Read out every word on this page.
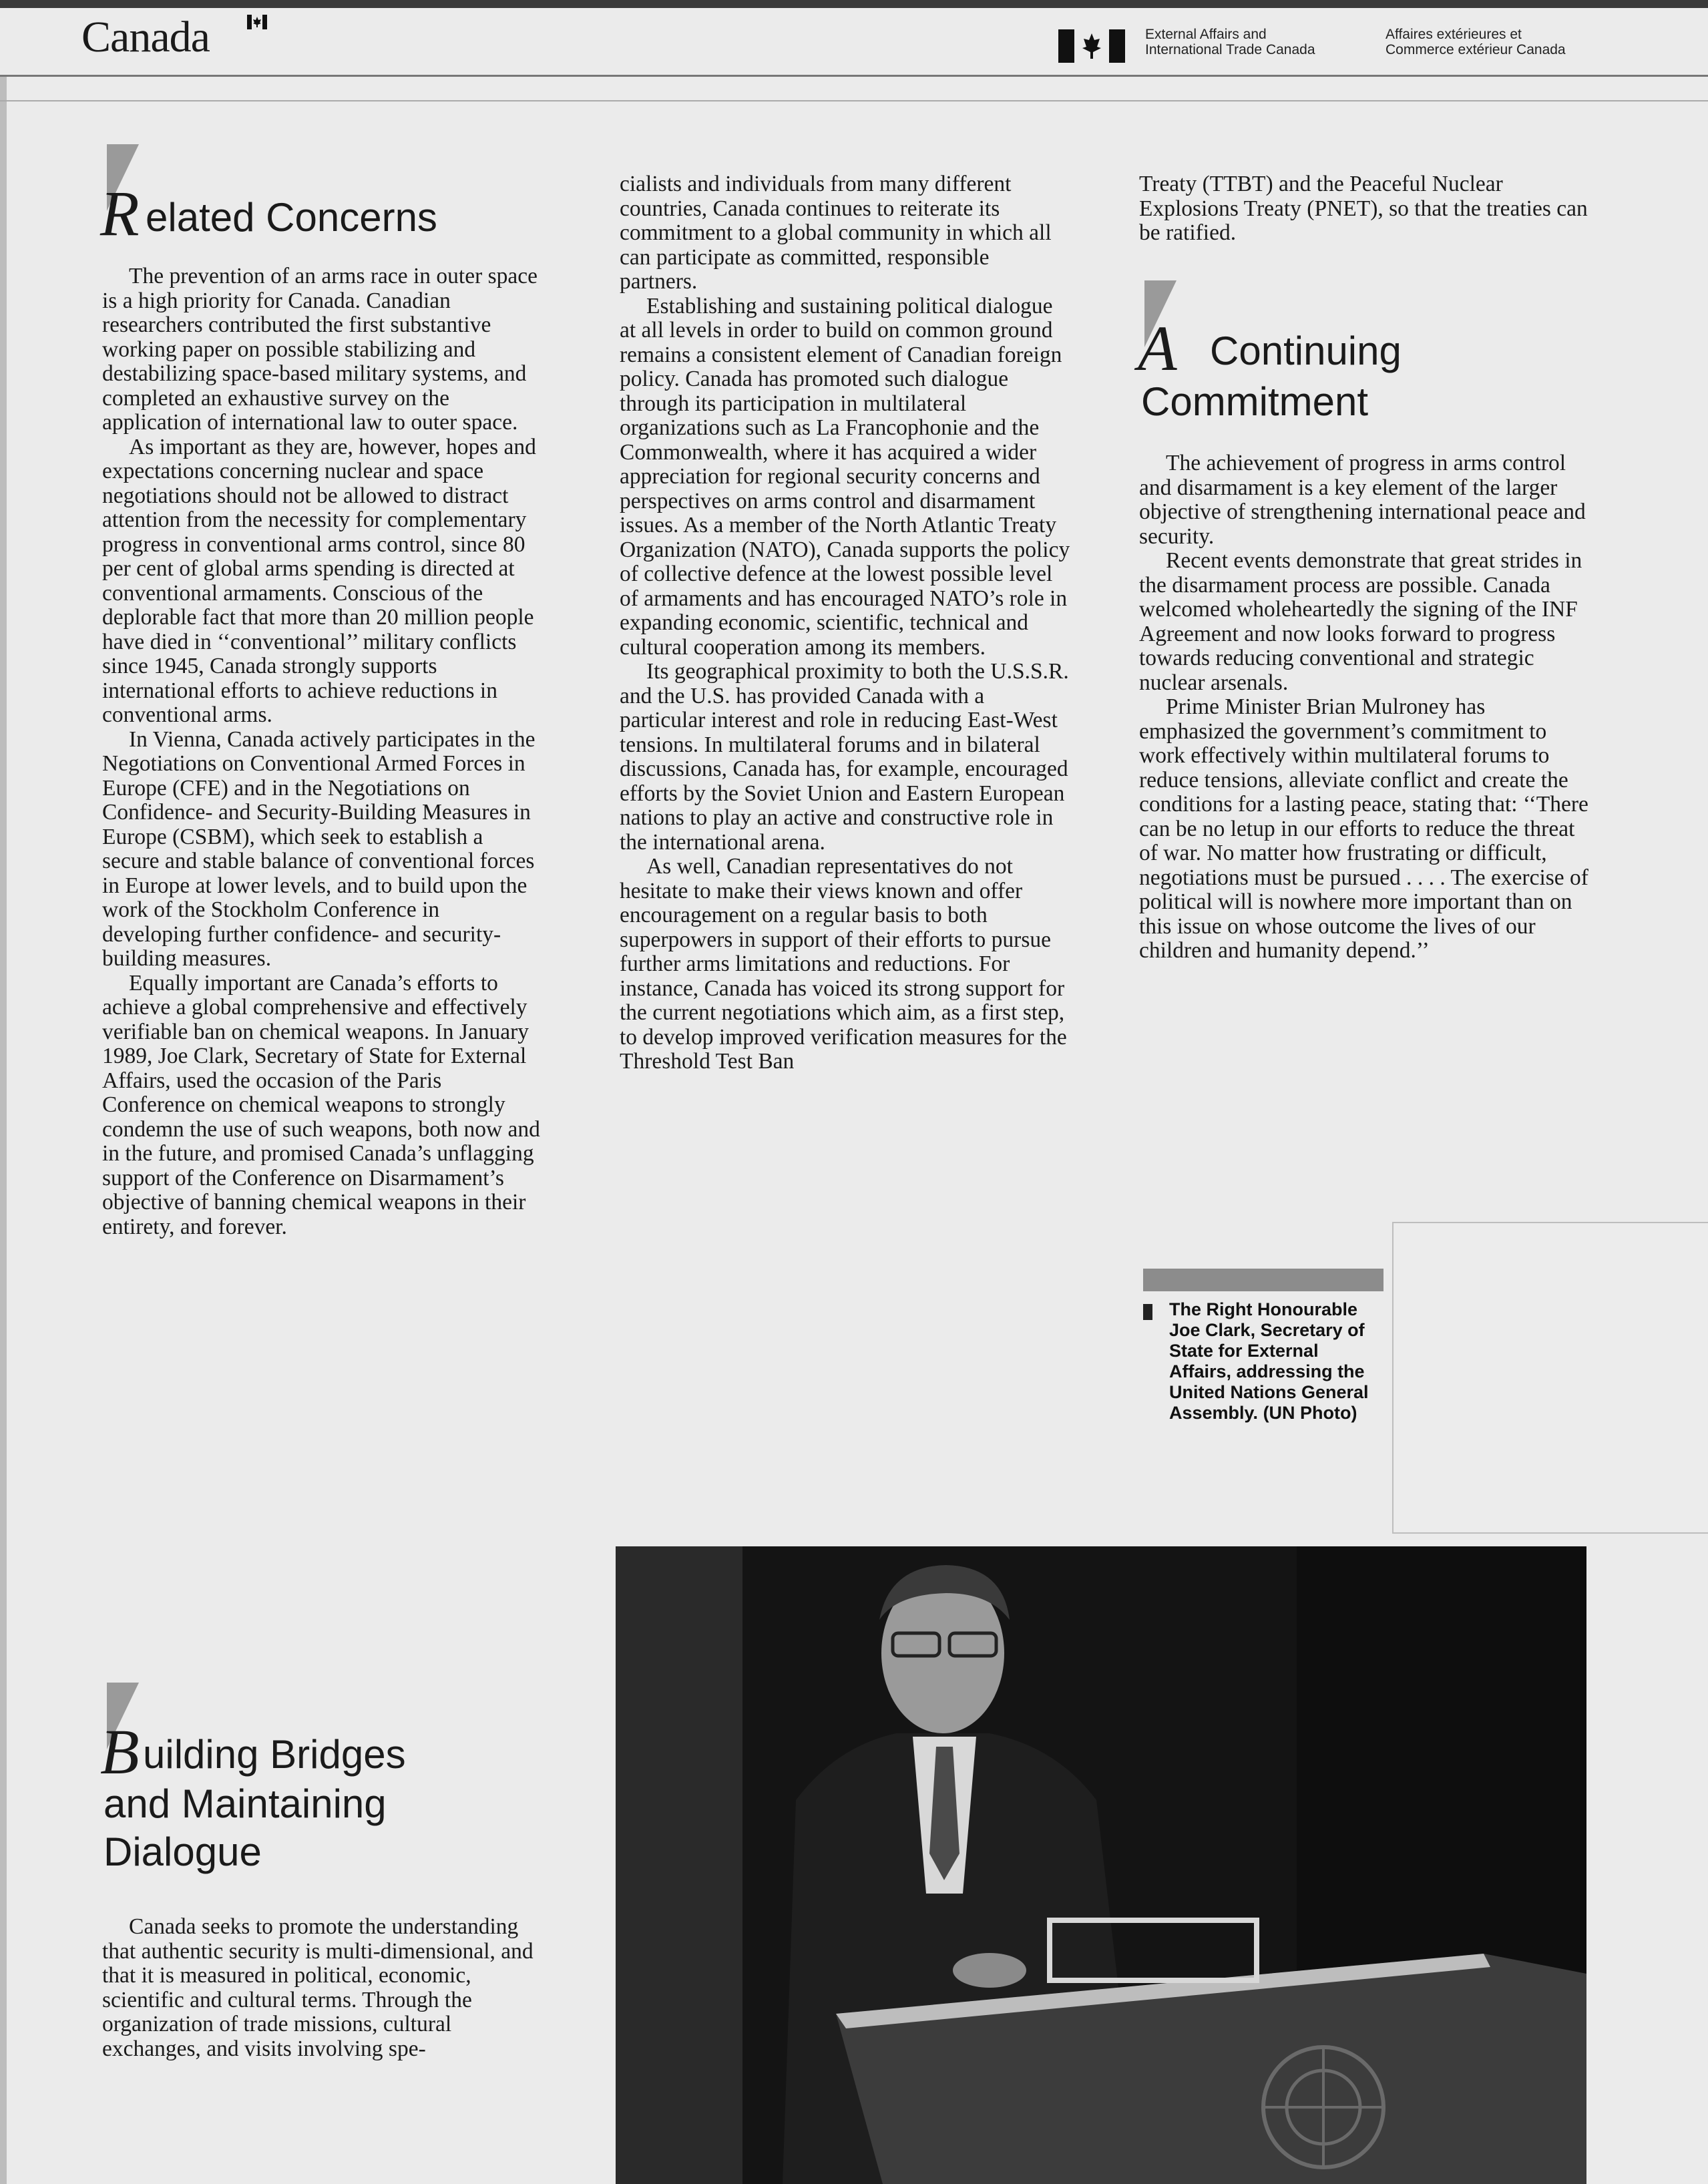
Canada	External Affairs and
International Trade Canada
Affaires extérieures et
Commerce extérieur Canada
R elated Concerns

The prevention of an arms race in outer space is a high priority for Canada. Canadian researchers contributed the first substantive working paper on possible stabilizing and destabilizing space-based military systems, and completed an exhaustive survey on the application of international law to outer space.

As important as they are, however, hopes and expectations concerning nuclear and space negotiations should not be allowed to distract attention from the necessity for complementary progress in conventional arms control, since 80 per cent of global arms spending is directed at conventional armaments. Conscious of the deplorable fact that more than 20 million people have died in ‘‘conventional’’ military conflicts since 1945, Canada strongly supports international efforts to achieve reductions in conventional arms.

In Vienna, Canada actively participates in the Negotiations on Conventional Armed Forces in Europe (CFE) and in the Negotiations on Confidence- and Security-Building Measures in Europe (CSBM), which seek to establish a secure and stable balance of conventional forces in Europe at lower levels, and to build upon the work of the Stockholm Conference in developing further confidence- and security-building measures.

Equally important are Canada’s efforts to achieve a global comprehensive and effectively verifiable ban on chemical weapons. In January 1989, Joe Clark, Secretary of State for External Affairs, used the occasion of the Paris Conference on chemical weapons to strongly condemn the use of such weapons, both now and in the future, and promised Canada’s unflagging support of the Conference on Disarmament’s objective of banning chemical weapons in their entirety, and forever.

B uilding Bridges
and Maintaining
Dialogue

Canada seeks to promote the understanding that authentic security is multi-dimensional, and that it is measured in political, economic, scientific and cultural terms. Through the organization of trade missions, cultural exchanges, and visits involving spe-

cialists and individuals from many different countries, Canada continues to reiterate its commitment to a global community in which all can participate as committed, responsible partners.

Establishing and sustaining political dialogue at all levels in order to build on common ground remains a consistent element of Canadian foreign policy. Canada has promoted such dialogue through its participation in multilateral organizations such as La Francophonie and the Commonwealth, where it has acquired a wider appreciation for regional security concerns and perspectives on arms control and disarmament issues. As a member of the North Atlantic Treaty Organization (NATO), Canada supports the policy of collective defence at the lowest possible level of armaments and has encouraged NATO’s role in expanding economic, scientific, technical and cultural cooperation among its members.

Its geographical proximity to both the U.S.S.R. and the U.S. has provided Canada with a particular interest and role in reducing East-West tensions. In multilateral forums and in bilateral discussions, Canada has, for example, encouraged efforts by the Soviet Union and Eastern European nations to play an active and constructive role in the international arena.

As well, Canadian representatives do not hesitate to make their views known and offer encouragement on a regular basis to both superpowers in support of their efforts to pursue further arms limitations and reductions. For instance, Canada has voiced its strong support for the current negotiations which aim, as a first step, to develop improved verification measures for the Threshold Test Ban

Treaty (TTBT) and the Peaceful Nuclear Explosions Treaty (PNET), so that the treaties can be ratified.

A Continuing
Commitment

The achievement of progress in arms control and disarmament is a key element of the larger objective of strengthening international peace and security.

Recent events demonstrate that great strides in the disarmament process are possible. Canada welcomed wholeheartedly the signing of the INF Agreement and now looks forward to progress towards reducing conventional and strategic nuclear arsenals.

Prime Minister Brian Mulroney has emphasized the government’s commitment to work effectively within multilateral forums to reduce tensions, alleviate conflict and create the conditions for a lasting peace, stating that: ‘‘There can be no letup in our efforts to reduce the threat of war. No matter how frustrating or difficult, negotiations must be pursued . . . . The exercise of political will is nowhere more important than on this issue on whose outcome the lives of our children and humanity depend.’’

The Right Honourable Joe Clark, Secretary of State for External Affairs, addressing the United Nations General Assembly. (UN Photo)
